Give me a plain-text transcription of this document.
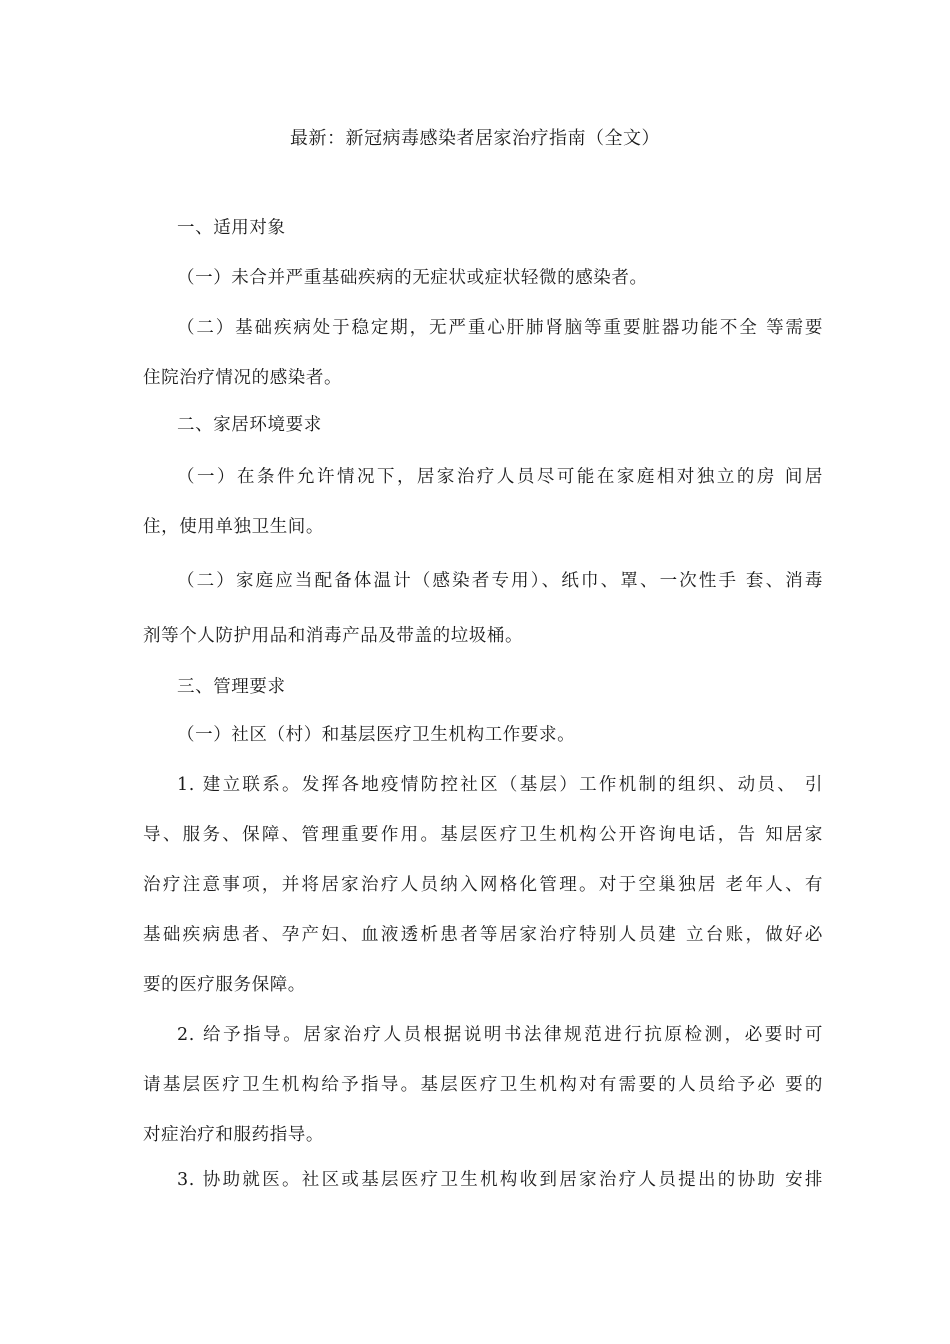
最新：新冠病毒感染者居家治疗指南（全文）
一、适用对象
（一）未合并严重基础疾病的无症状或症状轻微的感染者。
（二）基础疾病处于稳定期，无严重心肝肺肾脑等重要脏器功能不全 等需要
住院治疗情况的感染者。
二、家居环境要求
（一）在条件允许情况下，居家治疗人员尽可能在家庭相对独立的房 间居
住，使用单独卫生间。
（二）家庭应当配备体温计（感染者专用）、纸巾、罩、一次性手 套、消毒
剂等个人防护用品和消毒产品及带盖的垃圾桶。
三、管理要求
（一）社区（村）和基层医疗卫生机构工作要求。
1. 建立联系。发挥各地疫情防控社区（基层）工作机制的组织、动员、 引
导、服务、保障、管理重要作用。基层医疗卫生机构公开咨询电话，告 知居家
治疗注意事项，并将居家治疗人员纳入网格化管理。对于空巢独居 老年人、有
基础疾病患者、孕产妇、血液透析患者等居家治疗特别人员建 立台账，做好必
要的医疗服务保障。
2. 给予指导。居家治疗人员根据说明书法律规范进行抗原检测，必要时可
请基层医疗卫生机构给予指导。基层医疗卫生机构对有需要的人员给予必 要的
对症治疗和服药指导。
3. 协助就医。社区或基层医疗卫生机构收到居家治疗人员提出的协助 安排
